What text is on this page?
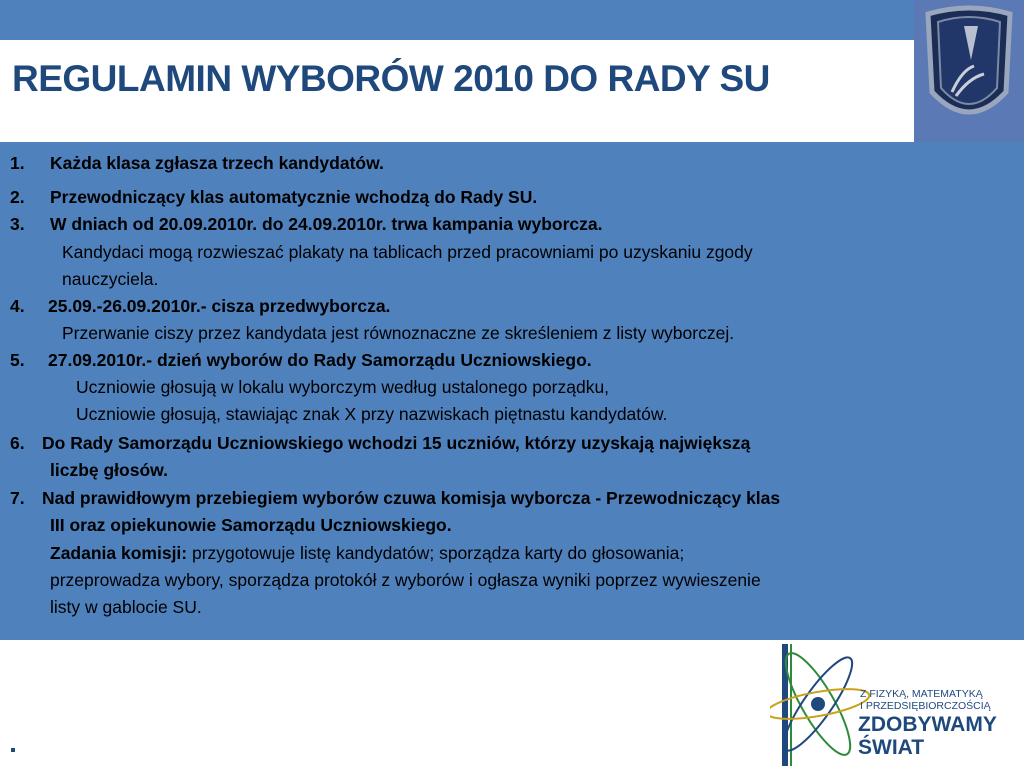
REGULAMIN WYBORÓW 2010 DO RADY SU
1. Każda klasa zgłasza trzech kandydatów.
2. Przewodniczący klas automatycznie wchodzą do Rady SU.
3. W dniach od 20.09.2010r. do 24.09.2010r. trwa kampania wyborcza.
Kandydaci mogą rozwieszać plakaty na tablicach przed pracowniami po uzyskaniu zgody
nauczyciela.
4. 25.09.-26.09.2010r.- cisza przedwyborcza.
Przerwanie ciszy przez kandydata jest równoznaczne ze skreśleniem z listy wyborczej.
5. 27.09.2010r.- dzień wyborów do Rady Samorządu Uczniowskiego.
Uczniowie głosują w lokalu wyborczym według ustalonego porządku,
Uczniowie głosują, stawiając znak X przy nazwiskach piętnastu kandydatów.
6. Do Rady Samorządu Uczniowskiego wchodzi 15 uczniów, którzy uzyskają największą
liczbę głosów.
7. Nad prawidłowym przebiegiem wyborów czuwa komisja wyborcza - Przewodniczący klas
III oraz opiekunowie Samorządu Uczniowskiego.
Zadania komisji: przygotowuje listę kandydatów; sporządza karty do głosowania;
przeprowadza wybory, sporządza protokół z wyborów i ogłasza wyniki poprzez wywieszenie
listy w gablocie SU.
Z FIZYKĄ, MATEMATYKĄ
I PRZEDSIĘBIORCZOŚCIĄ
ZDOBYWAMY
ŚWIAT
